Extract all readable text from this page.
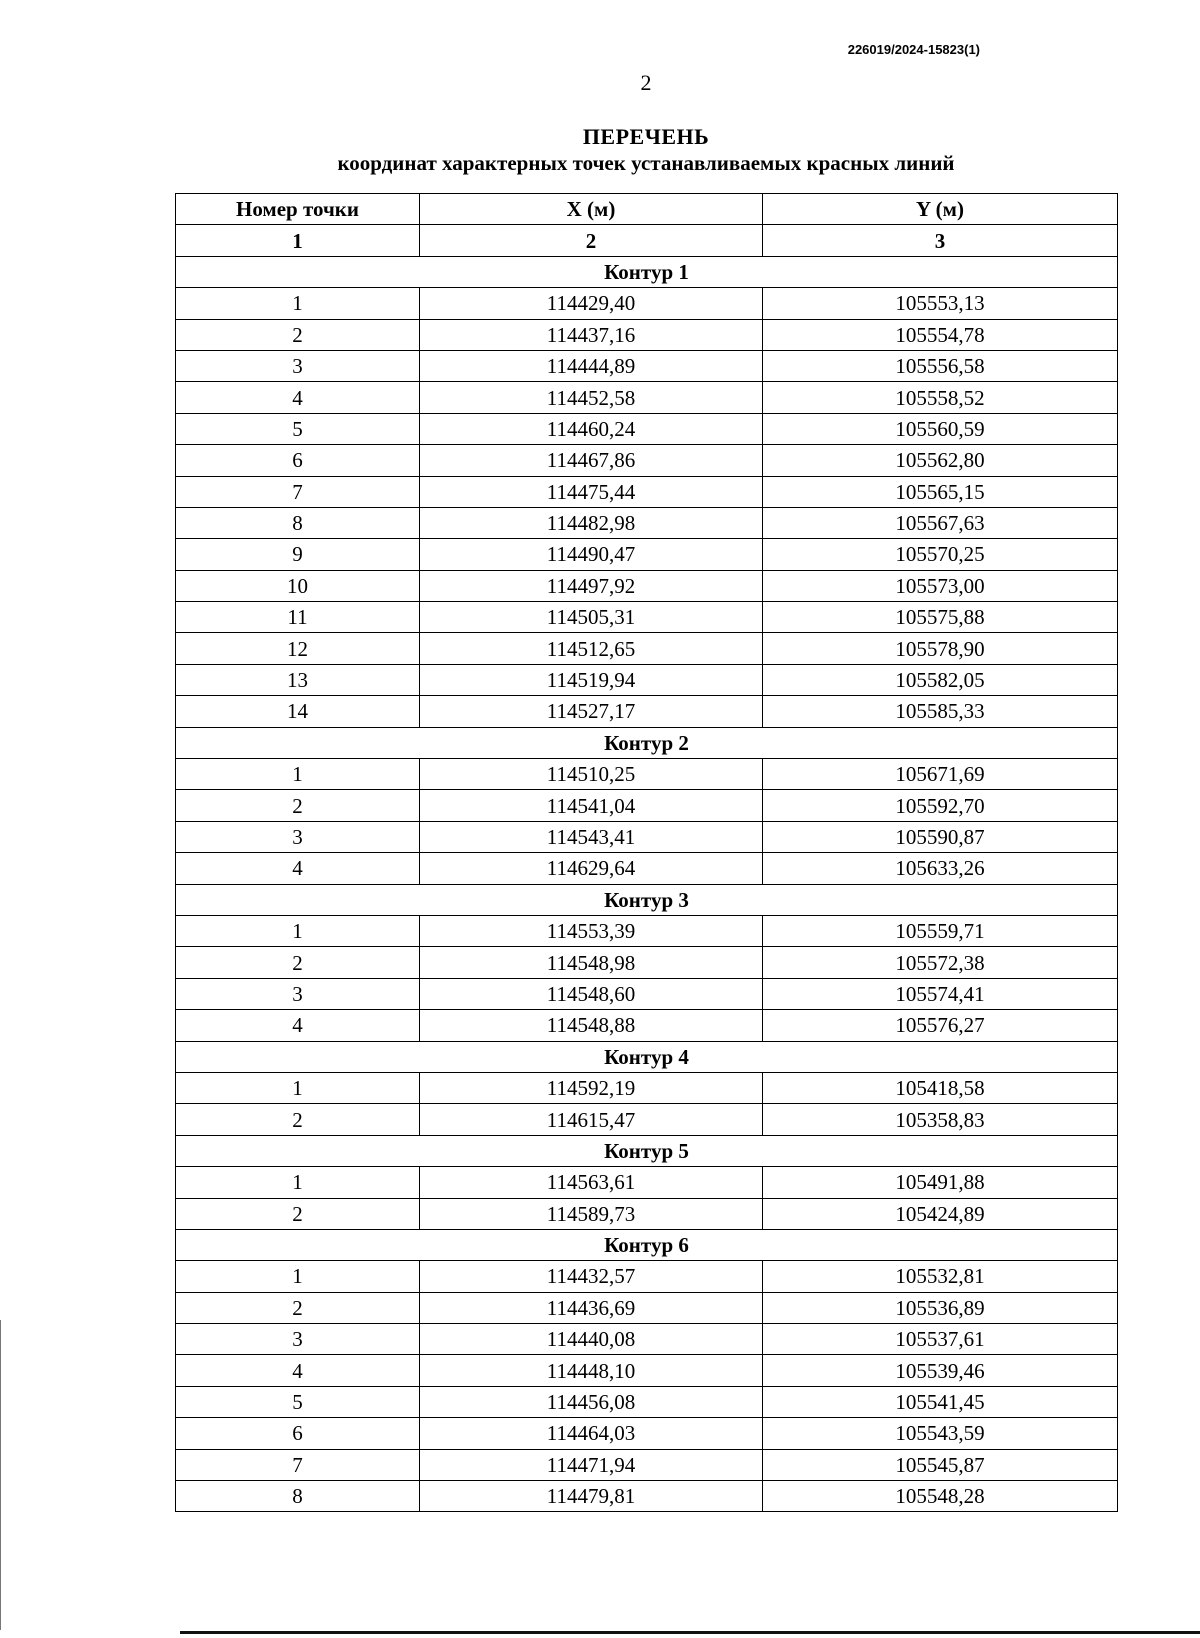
226019/2024-15823(1)
2
ПЕРЕЧЕНЬ
координат характерных точек устанавливаемых красных линий
Номер точки	X (м)	Y (м)
1	2	3
Контур 1		
1	114429,40	105553,13
2	114437,16	105554,78
3	114444,89	105556,58
4	114452,58	105558,52
5	114460,24	105560,59
6	114467,86	105562,80
7	114475,44	105565,15
8	114482,98	105567,63
9	114490,47	105570,25
10	114497,92	105573,00
11	114505,31	105575,88
12	114512,65	105578,90
13	114519,94	105582,05
14	114527,17	105585,33
Контур 2		
1	114510,25	105671,69
2	114541,04	105592,70
3	114543,41	105590,87
4	114629,64	105633,26
Контур 3		
1	114553,39	105559,71
2	114548,98	105572,38
3	114548,60	105574,41
4	114548,88	105576,27
Контур 4		
1	114592,19	105418,58
2	114615,47	105358,83
Контур 5		
1	114563,61	105491,88
2	114589,73	105424,89
Контур 6		
1	114432,57	105532,81
2	114436,69	105536,89
3	114440,08	105537,61
4	114448,10	105539,46
5	114456,08	105541,45
6	114464,03	105543,59
7	114471,94	105545,87
8	114479,81	105548,28
